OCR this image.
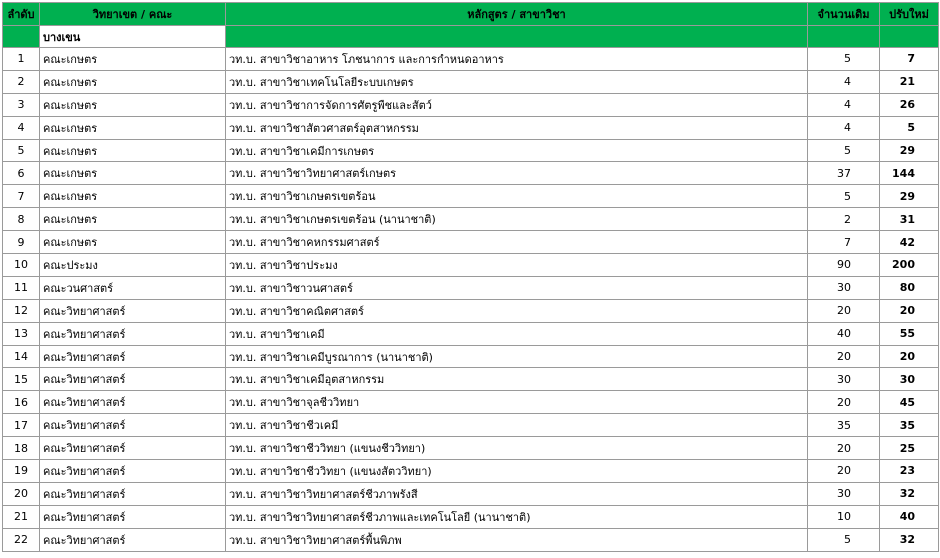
ลำดับ	วิทยาเขต / คณะ	หลักสูตร / สาขาวิชา	จำนวนเดิม	ปรับใหม่
	บางเขน			
1	คณะเกษตร	วท.บ. สาขาวิชาอาหาร โภชนาการ และการกำหนดอาหาร	5	7
2	คณะเกษตร	วท.บ. สาขาวิชาเทคโนโลยีระบบเกษตร	4	21
3	คณะเกษตร	วท.บ. สาขาวิชาการจัดการศัตรูพืชและสัตว์	4	26
4	คณะเกษตร	วท.บ. สาขาวิชาสัตวศาสตร์อุตสาหกรรม	4	5
5	คณะเกษตร	วท.บ. สาขาวิชาเคมีการเกษตร	5	29
6	คณะเกษตร	วท.บ. สาขาวิชาวิทยาศาสตร์เกษตร	37	144
7	คณะเกษตร	วท.บ. สาขาวิชาเกษตรเขตร้อน	5	29
8	คณะเกษตร	วท.บ. สาขาวิชาเกษตรเขตร้อน (นานาชาติ)	2	31
9	คณะเกษตร	วท.บ. สาขาวิชาคหกรรมศาสตร์	7	42
10	คณะประมง	วท.บ. สาขาวิชาประมง	90	200
11	คณะวนศาสตร์	วท.บ. สาขาวิชาวนศาสตร์	30	80
12	คณะวิทยาศาสตร์	วท.บ. สาขาวิชาคณิตศาสตร์	20	20
13	คณะวิทยาศาสตร์	วท.บ. สาขาวิชาเคมี	40	55
14	คณะวิทยาศาสตร์	วท.บ. สาขาวิชาเคมีบูรณาการ (นานาชาติ)	20	20
15	คณะวิทยาศาสตร์	วท.บ. สาขาวิชาเคมีอุตสาหกรรม	30	30
16	คณะวิทยาศาสตร์	วท.บ. สาขาวิชาจุลชีววิทยา	20	45
17	คณะวิทยาศาสตร์	วท.บ. สาขาวิชาชีวเคมี	35	35
18	คณะวิทยาศาสตร์	วท.บ. สาขาวิชาชีววิทยา (แขนงชีววิทยา)	20	25
19	คณะวิทยาศาสตร์	วท.บ. สาขาวิชาชีววิทยา (แขนงสัตววิทยา)	20	23
20	คณะวิทยาศาสตร์	วท.บ. สาขาวิชาวิทยาศาสตร์ชีวภาพรังสี	30	32
21	คณะวิทยาศาสตร์	วท.บ. สาขาวิชาวิทยาศาสตร์ชีวภาพและเทคโนโลยี (นานาชาติ)	10	40
22	คณะวิทยาศาสตร์	วท.บ. สาขาวิชาวิทยาศาสตร์พื้นพิภพ	5	32
